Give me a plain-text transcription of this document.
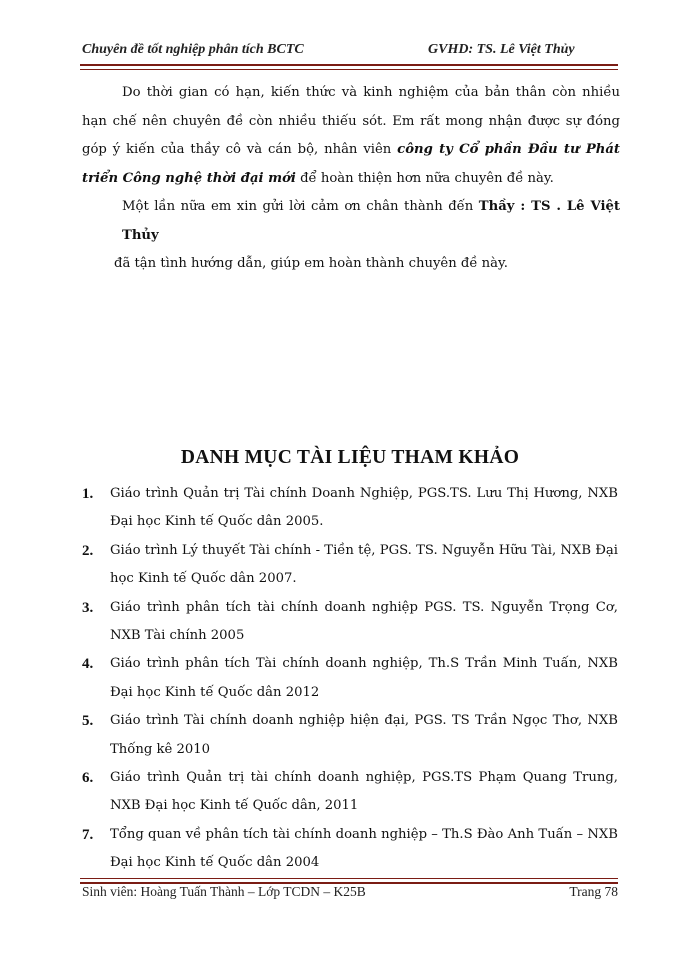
Chuyên đề tốt nghiệp phân tích BCTC	GVHD: TS. Lê Việt Thủy
Do thời gian có hạn, kiến thức và kinh nghiệm của bản thân còn nhiều hạn chế nên chuyên đề còn nhiều thiếu sót. Em rất mong nhận được sự đóng góp ý kiến của thầy cô và cán bộ, nhân viên công ty Cổ phần Đầu tư Phát triển Công nghệ thời đại mới để hoàn thiện hơn nữa chuyên đề này.
Một lần nữa em xin gửi lời cảm ơn chân thành đến Thầy : TS . Lê Việt Thủy
đã tận tình hướng dẫn, giúp em hoàn thành chuyên đề này.
DANH MỤC TÀI LIỆU THAM KHẢO
1. Giáo trình Quản trị Tài chính Doanh Nghiệp, PGS.TS. Lưu Thị Hương, NXB Đại học Kinh tế Quốc dân 2005.
2. Giáo trình Lý thuyết Tài chính - Tiền tệ, PGS. TS. Nguyễn Hữu Tài, NXB Đại học Kinh tế Quốc dân 2007.
3. Giáo trình phân tích tài chính doanh nghiệp PGS. TS. Nguyễn Trọng Cơ, NXB Tài chính 2005
4. Giáo trình phân tích Tài chính doanh nghiệp, Th.S Trần Minh Tuấn, NXB Đại học Kinh tế Quốc dân 2012
5. Giáo trình Tài chính doanh nghiệp hiện đại, PGS. TS Trần Ngọc Thơ, NXB Thống kê 2010
6. Giáo trình Quản trị tài chính doanh nghiệp, PGS.TS Phạm Quang Trung, NXB Đại học Kinh tế Quốc dân, 2011
7. Tổng quan về phân tích tài chính doanh nghiệp – Th.S Đào Anh Tuấn – NXB Đại học Kinh tế Quốc dân 2004
Sinh viên: Hoàng Tuấn Thành – Lớp TCDN – K25B	Trang 78
